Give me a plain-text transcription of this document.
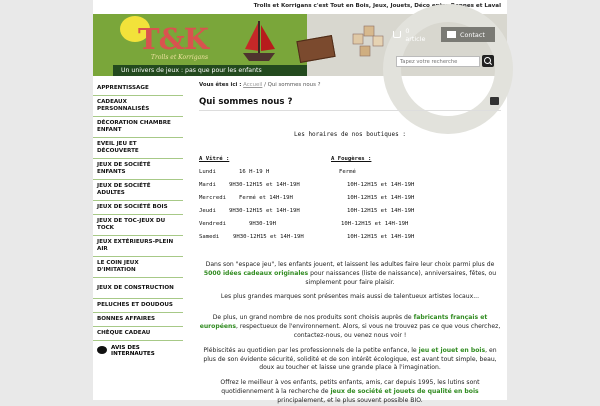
Trolls et Korrigans c'est Tout en Bois, Jeux, Jouets, Déco entre Rennes et Laval
T&K
Trolls et Korrigans
Un univers de jeux : pas que pour les enfants
0 article	Contact
Tapez votre recherche
APPRENTISSAGE
CADEAUX PERSONNALISÉS
DÉCORATION CHAMBRE ENFANT
EVEIL JEU ET DÉCOUVERTE
JEUX DE SOCIÉTÉ ENFANTS
JEUX DE SOCIÉTÉ ADULTES
JEUX DE SOCIÉTÉ BOIS
JEUX DE TOC-JEUX DU TOCK
JEUX EXTÉRIEURS-PLEIN AIR
LE COIN JEUX D'IMITATION
JEUX DE CONSTRUCTION
PELUCHES ET DOUDOUS
BONNES AFFAIRES
CHÈQUE CADEAU
AVIS DES INTERNAUTES
Vous êtes ici : Accueil / Qui sommes nous ?
Qui sommes nous ?
Les horaires de nos boutiques :
A Vitré :	A Fougères :
Lundi	16 H-19 H	Fermé
Mardi 9H30-12H15 et 14H-19H	10H-12H15 et 14H-19H
Mercredi Fermé et 14H-19H	10H-12H15 et 14H-19H
Jeudi 9H30-12H15 et 14H-19H	10H-12H15 et 14H-19H
Vendredi	9H30-19H	10H-12H15 et 14H-19H
Samedi 9H30-12H15 et 14H-19H	10H-12H15 et 14H-19H

Dans son "espace jeu", les enfants jouent, et laissent les adultes faire leur choix parmi plus de 5000 idées cadeaux originales pour naissances (liste de naissance), anniversaires, fêtes, ou simplement pour faire plaisir.

Les plus grandes marques sont présentes mais aussi de talentueux artistes locaux...

De plus, un grand nombre de nos produits sont choisis auprès de fabricants français et européens, respectueux de l'environnement. Alors, si vous ne trouvez pas ce que vous cherchez, contactez-nous, ou venez nous voir !

Plébiscités au quotidien par les professionnels de la petite enfance, le jeu et jouet en bois, en plus de son évidente sécurité, solidité et de son intérêt écologique, est avant tout simple, beau, doux au toucher et laisse une grande place à l'imagination.

Offrez le meilleur à vos enfants, petits enfants, amis, car depuis 1995, les lutins sont quotidiennement à la recherche de jeux de société et jouets de qualité en bois principalement, et le plus souvent possible BIO.
